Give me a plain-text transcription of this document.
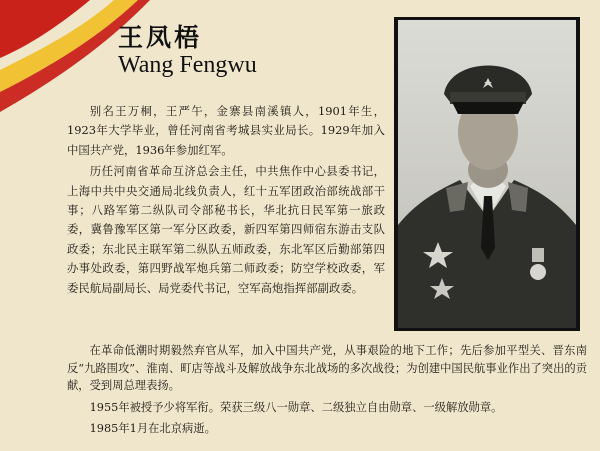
王凤梧
Wang Fengwu

别名王万桐，王严午，金寨县南溪镇人，1901年生，1923年大学毕业，曾任河南省考城县实业局长。1929年加入中国共产党，1936年参加红军。

历任河南省革命互济总会主任，中共焦作中心县委书记，上海中共中央交通局北线负责人，红十五军团政治部统战部干事；八路军第二纵队司令部秘书长，华北抗日民军第一旅政委，冀鲁豫军区第一军分区政委，新四军第四师宿东游击支队政委；东北民主联军第二纵队五师政委，东北军区后勤部第四办事处政委，第四野战军炮兵第二师政委；防空学校政委，军委民航局副局长、局党委代书记，空军高炮指挥部副政委。

在革命低潮时期毅然弃官从军，加入中国共产党，从事艰险的地下工作；先后参加平型关、晋东南反“九路围攻”、淮南、町店等战斗及解放战争东北战场的多次战役；为创建中国民航事业作出了突出的贡献，受到周总理表扬。

1955年被授予少将军衔。荣获三级八一勋章、二级独立自由勋章、一级解放勋章。

1985年1月在北京病逝。
